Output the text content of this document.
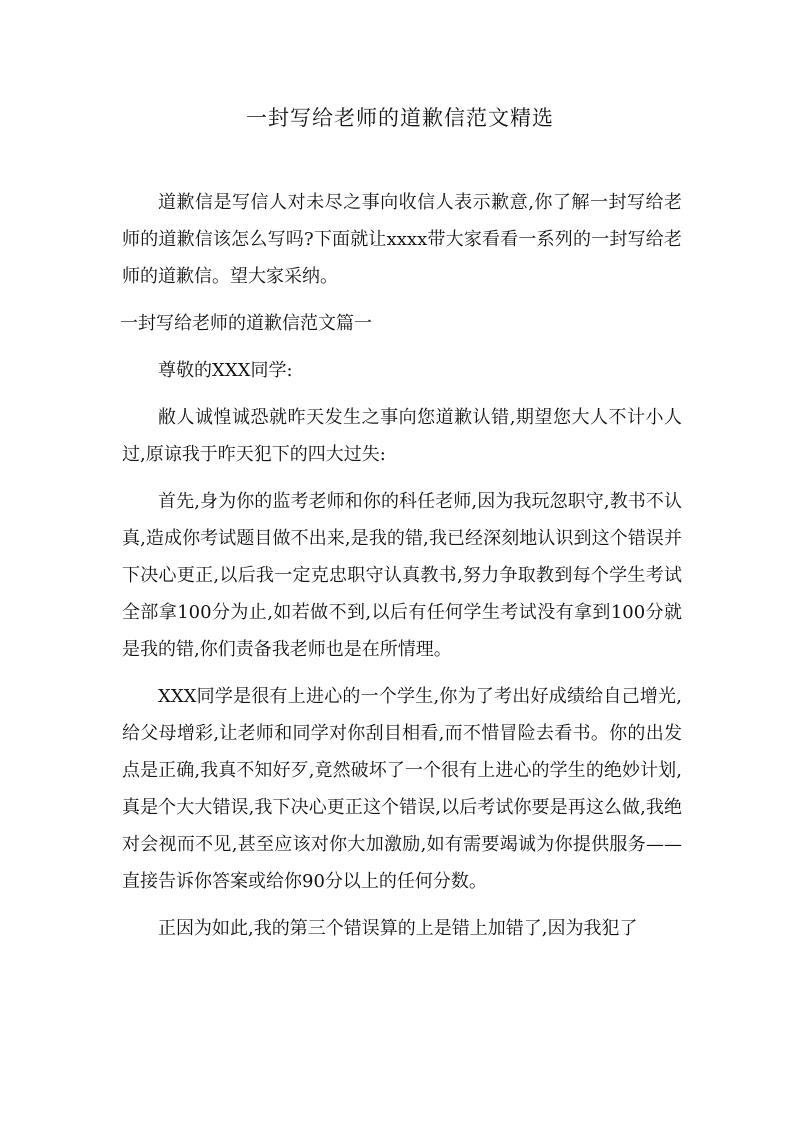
一封写给老师的道歉信范文精选

道歉信是写信人对未尽之事向收信人表示歉意,你了解一封写给老师的道歉信该怎么写吗?下面就让xxxx带大家看看一系列的一封写给老师的道歉信。望大家采纳。

一封写给老师的道歉信范文篇一

尊敬的XXX同学:

敝人诚惶诚恐就昨天发生之事向您道歉认错,期望您大人不计小人过,原谅我于昨天犯下的四大过失:

首先,身为你的监考老师和你的科任老师,因为我玩忽职守,教书不认真,造成你考试题目做不出来,是我的错,我已经深刻地认识到这个错误并下决心更正,以后我一定克忠职守认真教书,努力争取教到每个学生考试全部拿100分为止,如若做不到,以后有任何学生考试没有拿到100分就是我的错,你们责备我老师也是在所情理。

XXX同学是很有上进心的一个学生,你为了考出好成绩给自己增光,给父母增彩,让老师和同学对你刮目相看,而不惜冒险去看书。你的出发点是正确,我真不知好歹,竟然破坏了一个很有上进心的学生的绝妙计划,真是个大大错误,我下决心更正这个错误,以后考试你要是再这么做,我绝对会视而不见,甚至应该对你大加激励,如有需要竭诚为你提供服务——直接告诉你答案或给你90分以上的任何分数。

正因为如此,我的第三个错误算的上是错上加错了,因为我犯了
